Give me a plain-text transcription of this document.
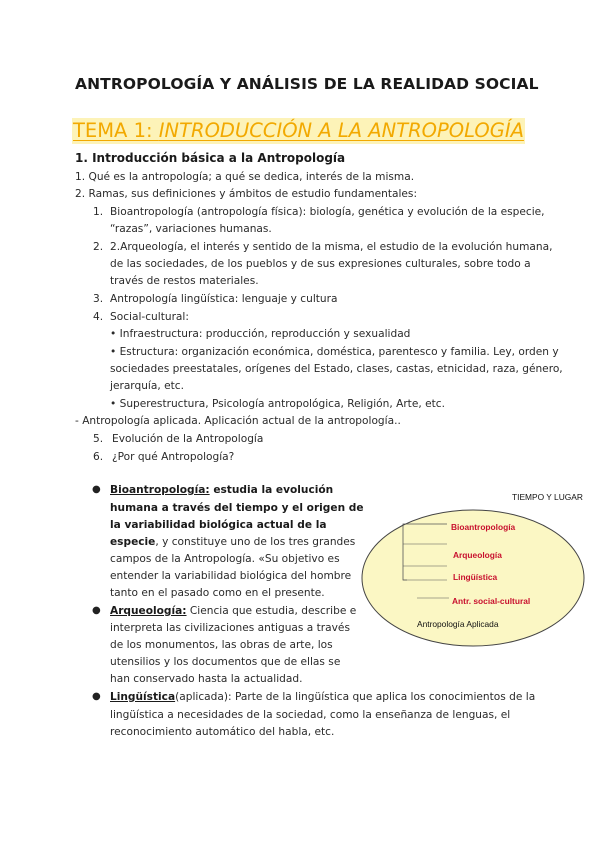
ANTROPOLOGÍA Y ANÁLISIS DE LA REALIDAD SOCIAL
TEMA 1: INTRODUCCIÓN A LA ANTROPOLOGÍA
1. Introducción básica a la Antropología
1. Qué es la antropología; a qué se dedica, interés de la misma.
2. Ramas, sus definiciones y ámbitos de estudio fundamentales:
1. Bioantropología (antropología física): biología, genética y evolución de la especie,
“razas”, variaciones humanas.
2. 2.Arqueología, el interés y sentido de la misma, el estudio de la evolución humana,
de las sociedades, de los pueblos y de sus expresiones culturales, sobre todo a
través de restos materiales.
3. Antropología lingüística: lenguaje y cultura
4. Social-cultural:
• Infraestructura: producción, reproducción y sexualidad
• Estructura: organización económica, doméstica, parentesco y familia. Ley, orden y
sociedades preestatales, orígenes del Estado, clases, castas, etnicidad, raza, género,
jerarquía, etc.
• Superestructura, Psicología antropológica, Religión, Arte, etc.
- Antropología aplicada. Aplicación actual de la antropología..
5. Evolución de la Antropología
6. ¿Por qué Antropología?
● Bioantropología: estudia la evolución
humana a través del tiempo y el origen de
la variabilidad biológica actual de la
especie, y constituye uno de los tres grandes
campos de la Antropología. «Su objetivo es
entender la variabilidad biológica del hombre
tanto en el pasado como en el presente.
● Arqueología: Ciencia que estudia, describe e
interpreta las civilizaciones antiguas a través
de los monumentos, las obras de arte, los
utensilios y los documentos que de ellas se
han conservado hasta la actualidad.
● Lingüística(aplicada): Parte de la lingüística que aplica los conocimientos de la
lingüística a necesidades de la sociedad, como la enseñanza de lenguas, el
reconocimiento automático del habla, etc.
TIEMPO Y LUGAR
Bioantropología
Arqueología
Lingüística
Antr. social-cultural
Antropología Aplicada
